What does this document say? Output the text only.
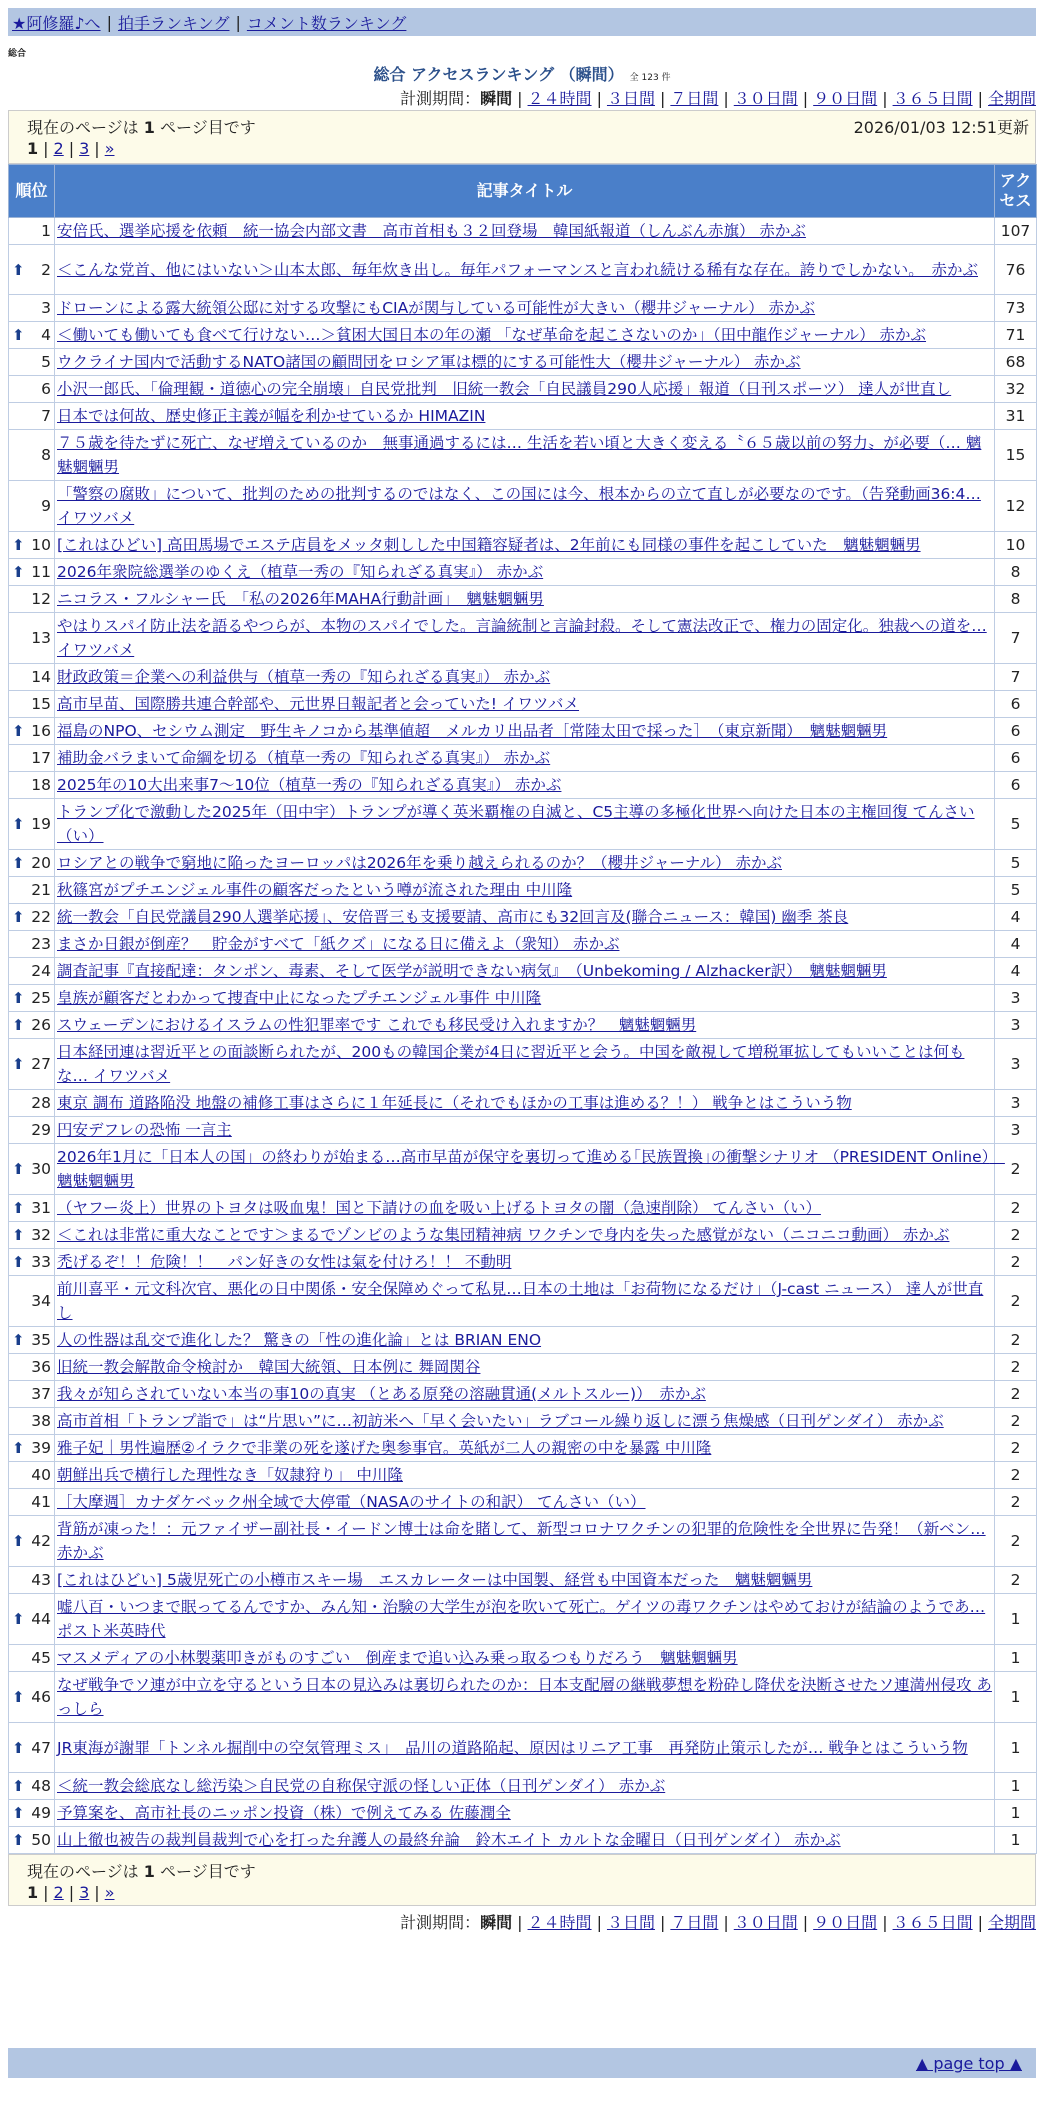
★阿修羅♪へ | 拍手ランキング | コメント数ランキング
総合
総合 アクセスランキング （瞬間） 全 123 件
計測期間：瞬間 | ２４時間 | ３日間 | ７日間 | ３０日間 | ９０日間 | ３６５日間 | 全期間
現在のページは 1 ページ目です	2026/01/03 12:51更新
1 | 2 | 3 | »
順位	記事タイトル	アクセス
1	安倍氏、選挙応援を依頼　統一協会内部文書　高市首相も３２回登場　韓国紙報道（しんぶん赤旗） 赤かぶ	107

⬆ 2	＜こんな党首、他にはいない＞山本太郎、毎年炊き出し。毎年パフォーマンスと言われ続ける稀有な存在。誇りでしかない。　赤かぶ	76
3	ドローンによる露大統領公邸に対する攻撃にもCIAが関与している可能性が大きい（櫻井ジャーナル） 赤かぶ	73

⬆ 4	＜働いても働いても食べて行けない…＞貧困大国日本の年の瀬 「なぜ革命を起こさないのか」（田中龍作ジャーナル） 赤かぶ	71
5	ウクライナ国内で活動するNATO諸国の顧問団をロシア軍は標的にする可能性大（櫻井ジャーナル） 赤かぶ	68
6	小沢一郎氏、「倫理観・道徳心の完全崩壊」自民党批判　旧統一教会「自民議員290人応援」報道（日刊スポーツ） 達人が世直し	32
7	日本では何故、歴史修正主義が幅を利かせているか HIMAZIN	31
8	７５歳を待たずに死亡、なぜ増えているのか　無事通過するには… 生活を若い頃と大きく変える〝６５歳以前の努力〟が必要（… 魑魅魍魎男	15
9	「警察の腐敗」について、批判のための批判するのではなく、この国には今、根本からの立て直しが必要なのです。（告発動画36:4… イワツバメ	12

⬆ 10	[これはひどい] 高田馬場でエステ店員をメッタ刺しした中国籍容疑者は、2年前にも同様の事件を起こしていた　魑魅魍魎男	10

⬆ 11	2026年衆院総選挙のゆくえ（植草一秀の『知られざる真実』） 赤かぶ	8
12	ニコラス・フルシャー氏　「私の2026年MAHA行動計画」　魑魅魍魎男	8
13	やはりスパイ防止法を語るやつらが、本物のスパイでした。言論統制と言論封殺。そして憲法改正で、権力の固定化。独裁への道を… イワツバメ	7
14	財政政策＝企業への利益供与（植草一秀の『知られざる真実』） 赤かぶ	7
15	高市早苗、国際勝共連合幹部や、元世界日報記者と会っていた! イワツバメ	6

⬆ 16	福島のNPO、セシウム測定　野生キノコから基準値超　メルカリ出品者［常陸太田で採った］　（東京新聞）　魑魅魍魎男	6
17	補助金バラまいて命綱を切る（植草一秀の『知られざる真実』） 赤かぶ	6
18	2025年の10大出来事7～10位（植草一秀の『知られざる真実』） 赤かぶ	6

⬆ 19	トランプ化で激動した2025年（田中宇）トランプが導く英米覇権の自滅と、C5主導の多極化世界へ向けた日本の主権回復 てんさい（い）	5

⬆ 20	ロシアとの戦争で窮地に陥ったヨーロッパは2026年を乗り越えられるのか？（櫻井ジャーナル） 赤かぶ	5
21	秋篠宮がプチエンジェル事件の顧客だったという噂が流された理由 中川隆	5

⬆ 22	統一教会「自民党議員290人選挙応援」、安倍晋三も支援要請、高市にも32回言及(聯合ニュース：韓国) 幽季 茶良	4
23	まさか日銀が倒産？　貯金がすべて「紙クズ」になる日に備えよ（衆知） 赤かぶ	4
24	調査記事『直接配達：タンポン、毒素、そして医学が説明できない病気』　（Unbekoming / Alzhacker訳）　魑魅魍魎男	4

⬆ 25	皇族が顧客だとわかって捜査中止になったプチエンジェル事件 中川隆	3

⬆ 26	スウェーデンにおけるイスラムの性犯罪率です これでも移民受け入れますか？　魑魅魍魎男	3

⬆ 27	日本経団連は習近平との面談断られたが、200もの韓国企業が4日に習近平と会う。中国を敵視して増税軍拡してもいいことは何もな… イワツバメ	3
28	東京 調布 道路陥没 地盤の補修工事はさらに１年延長に（それでもほかの工事は進める？！） 戦争とはこういう物	3
29	円安デフレの恐怖 一言主	3

⬆ 30	2026年1月に「日本人の国」の終わりが始まる…高市早苗が保守を裏切って進める｢民族置換｣の衝撃シナリオ （PRESIDENT Online）　魑魅魍魎男	2

⬆ 31	（ヤフー炎上）世界のトヨタは吸血鬼！国と下請けの血を吸い上げるトヨタの闇（急速削除） てんさい（い）	2

⬆ 32	＜これは非常に重大なことです＞まるでゾンビのような集団精神病 ワクチンで身内を失った感覚がない（ニコニコ動画） 赤かぶ	2

⬆ 33	禿げるぞ！！危険！！　パン好きの女性は氣を付けろ！！ 不動明	2
34	前川喜平・元文科次官、悪化の日中関係・安全保障めぐって私見…日本の土地は「お荷物になるだけ」（J-cast ニュース） 達人が世直し	2

⬆ 35	人の性器は乱交で進化した？ 驚きの「性の進化論」とは BRIAN ENO	2
36	旧統一教会解散命令検討か　韓国大統領、日本例に 舞岡関谷	2
37	我々が知らされていない本当の事10の真実 （とある原発の溶融貫通(メルトスルー)）　赤かぶ	2
38	高市首相「トランプ詣で」は“片思い”に…初訪米へ「早く会いたい」ラブコール繰り返しに漂う焦燥感（日刊ゲンダイ） 赤かぶ	2

⬆ 39	雅子妃｜男性遍歴②イラクで非業の死を遂げた奥参事官。英紙が二人の親密の中を暴露 中川隆	2
40	朝鮮出兵で横行した理性なき「奴隷狩り」 中川隆	2
41	［大摩週］カナダケベック州全域で大停電（NASAのサイトの和訳） てんさい（い）	2

⬆ 42	背筋が凍った！：元ファイザー副社長・イードン博士は命を賭して、新型コロナワクチンの犯罪的危険性を全世界に告発！（新ベン… 赤かぶ	2
43	[これはひどい] 5歳児死亡の小樽市スキー場　エスカレーターは中国製、経営も中国資本だった　魑魅魍魎男	2

⬆ 44	嘘八百・いつまで眠ってるんですか、みん知・治験の大学生が泡を吹いて死亡。ゲイツの毒ワクチンはやめておけが結論のようであ… ポスト米英時代	1
45	マスメディアの小林製薬叩きがものすごい　倒産まで追い込み乗っ取るつもりだろう　魑魅魍魎男	1

⬆ 46	なぜ戦争でソ連が中立を守るという日本の見込みは裏切られたのか：日本支配層の継戦夢想を粉砕し降伏を決断させたソ連満州侵攻 あっしら	1

⬆ 47	JR東海が謝罪「トンネル掘削中の空気管理ミス」　品川の道路陥起、原因はリニア工事　再発防止策示したが… 戦争とはこういう物	1

⬆ 48	＜統一教会総底なし総汚染＞自民党の自称保守派の怪しい正体（日刊ゲンダイ） 赤かぶ	1

⬆ 49	予算案を、高市社長のニッポン投資（株）で例えてみる 佐藤潤全	1

⬆ 50	山上徹也被告の裁判員裁判で心を打った弁護人の最終弁論　鈴木エイト カルトな金曜日（日刊ゲンダイ） 赤かぶ	1
現在のページは 1 ページ目です
1 | 2 | 3 | »
計測期間：瞬間 | ２４時間 | ３日間 | ７日間 | ３０日間 | ９０日間 | ３６５日間 | 全期間
▲ page top ▲
